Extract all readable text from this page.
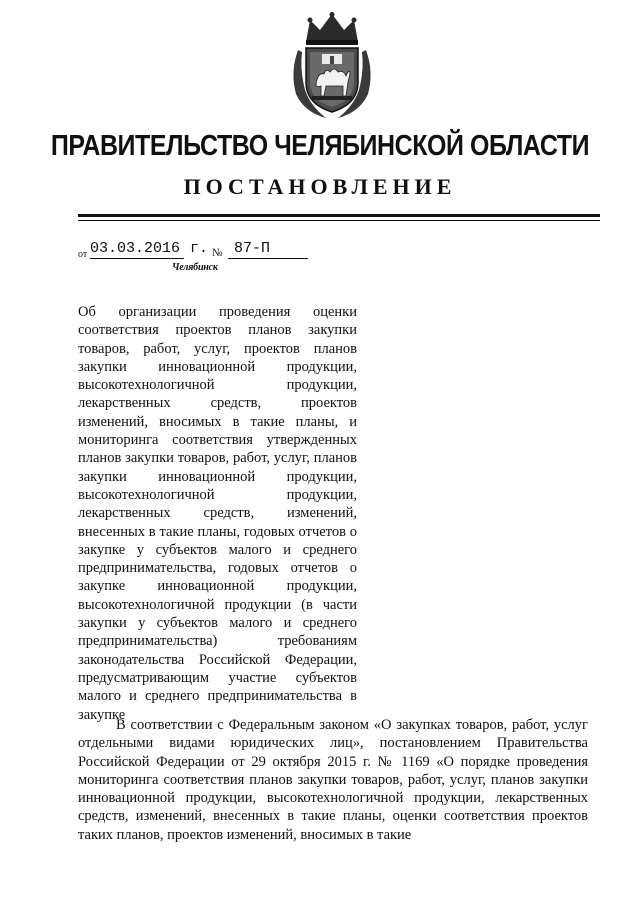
ПРАВИТЕЛЬСТВО ЧЕЛЯБИНСКОЙ ОБЛАСТИ
ПОСТАНОВЛЕНИЕ
от 03.03.2016 г. № 87-П
Челябинск
Об организации проведения оценки соответствия проектов планов закупки товаров, работ, услуг, проектов планов закупки инновационной продукции, высокотехнологичной продукции, лекарственных средств, проектов изменений, вносимых в такие планы, и мониторинга соответствия утвержденных планов закупки товаров, работ, услуг, планов закупки инновационной продукции, высокотехнологичной продукции, лекарственных средств, изменений, внесенных в такие планы, годовых отчетов о закупке у субъектов малого и среднего предпринимательства, годовых отчетов о закупке инновационной продукции, высокотехнологичной продукции (в части закупки у субъектов малого и среднего предпринимательства) требованиям законодательства Российской Федерации, предусматривающим участие субъектов малого и среднего предпринимательства в закупке
В соответствии с Федеральным законом «О закупках товаров, работ, услуг отдельными видами юридических лиц», постановлением Правительства Российской Федерации от 29 октября 2015 г. № 1169 «О порядке проведения мониторинга соответствия планов закупки товаров, работ, услуг, планов закупки инновационной продукции, высокотехнологичной продукции, лекарственных средств, изменений, внесенных в такие планы, оценки соответствия проектов таких планов, проектов изменений, вносимых в такие
